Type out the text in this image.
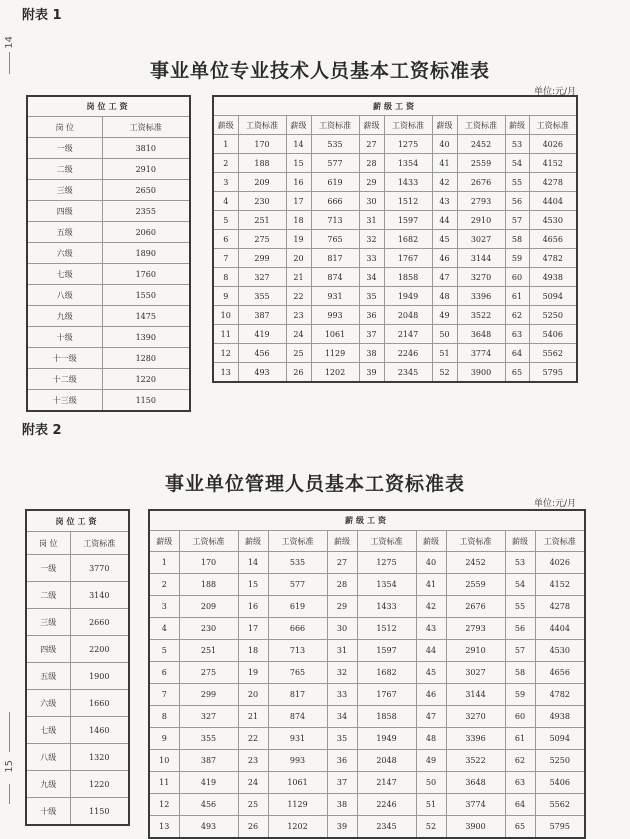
14
15
附表 1
事业单位专业技术人员基本工资标准表
单位:元/月
岗位工资	
岗 位	工资标准
一级	3810
二级	2910
三级	2650
四级	2355
五级	2060
六级	1890
七级	1760
八级	1550
九级	1475
十级	1390
十一级	1280
十二级	1220
十三级	1150
薪级工资									
薪级	工资标准	薪级	工资标准	薪级	工资标准	薪级	工资标准	薪级	工资标准
1	170	14	535	27	1275	40	2452	53	4026
2	188	15	577	28	1354	41	2559	54	4152
3	209	16	619	29	1433	42	2676	55	4278
4	230	17	666	30	1512	43	2793	56	4404
5	251	18	713	31	1597	44	2910	57	4530
6	275	19	765	32	1682	45	3027	58	4656
7	299	20	817	33	1767	46	3144	59	4782
8	327	21	874	34	1858	47	3270	60	4938
9	355	22	931	35	1949	48	3396	61	5094
10	387	23	993	36	2048	49	3522	62	5250
11	419	24	1061	37	2147	50	3648	63	5406
12	456	25	1129	38	2246	51	3774	64	5562
13	493	26	1202	39	2345	52	3900	65	5795
附表 2
事业单位管理人员基本工资标准表
单位:元/月
岗位工资	
岗 位	工资标准
一级	3770
二级	3140
三级	2660
四级	2200
五级	1900
六级	1660
七级	1460
八级	1320
九级	1220
十级	1150
薪级工资									
薪级	工资标准	薪级	工资标准	薪级	工资标准	薪级	工资标准	薪级	工资标准
1	170	14	535	27	1275	40	2452	53	4026
2	188	15	577	28	1354	41	2559	54	4152
3	209	16	619	29	1433	42	2676	55	4278
4	230	17	666	30	1512	43	2793	56	4404
5	251	18	713	31	1597	44	2910	57	4530
6	275	19	765	32	1682	45	3027	58	4656
7	299	20	817	33	1767	46	3144	59	4782
8	327	21	874	34	1858	47	3270	60	4938
9	355	22	931	35	1949	48	3396	61	5094
10	387	23	993	36	2048	49	3522	62	5250
11	419	24	1061	37	2147	50	3648	63	5406
12	456	25	1129	38	2246	51	3774	64	5562
13	493	26	1202	39	2345	52	3900	65	5795
